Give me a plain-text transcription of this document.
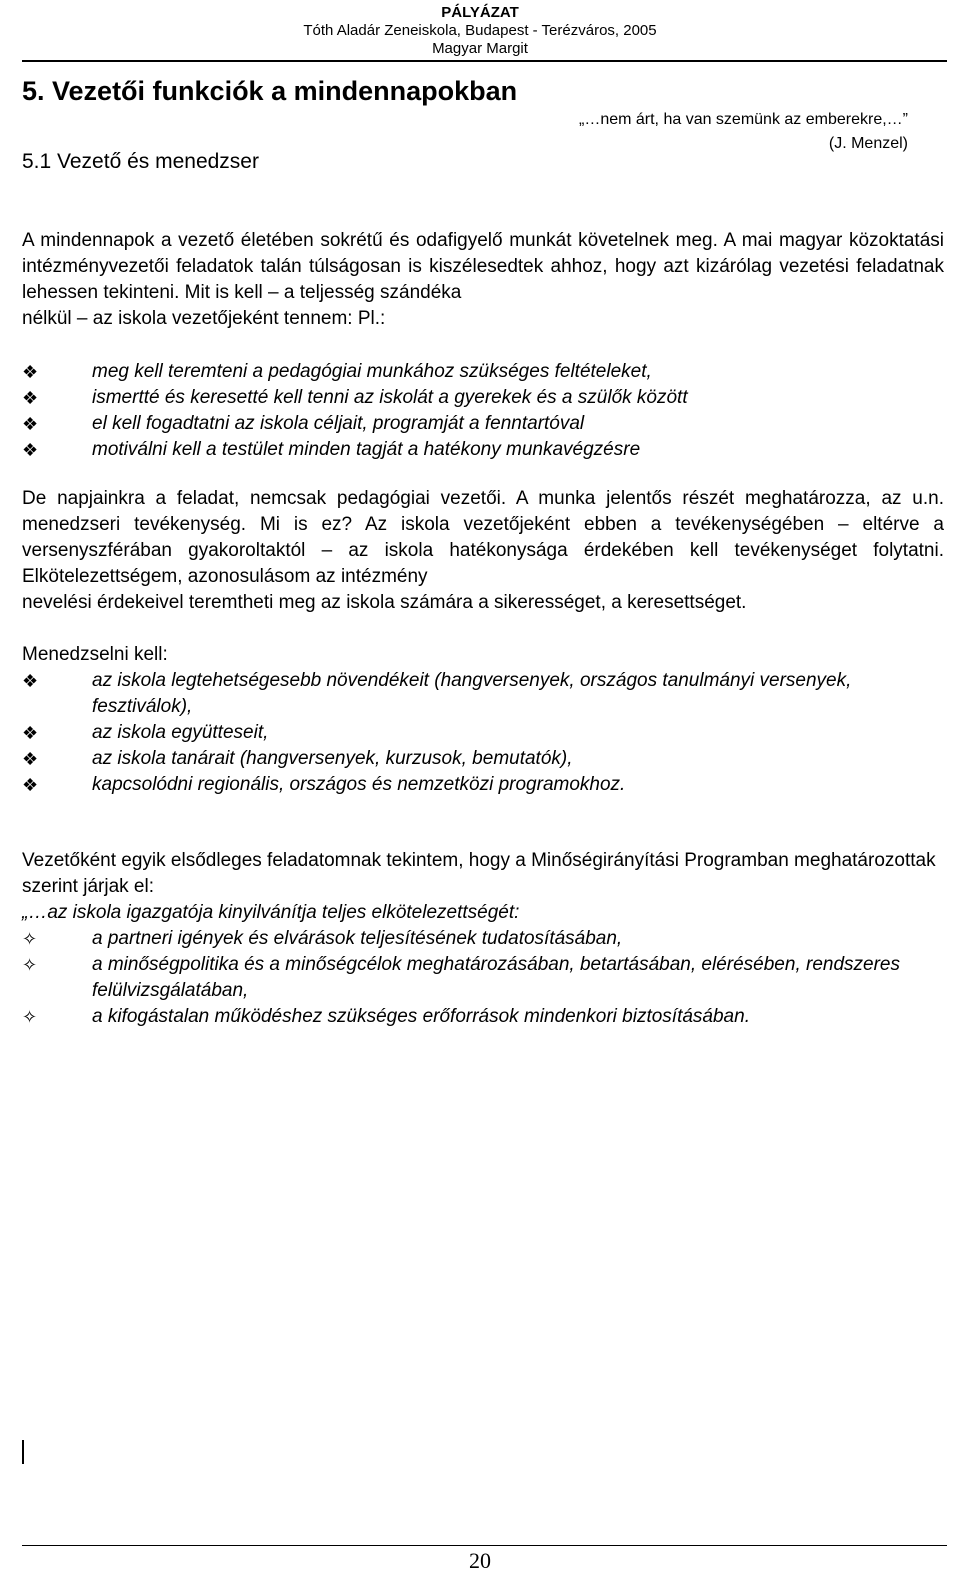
PÁLYÁZAT
Tóth Aladár Zeneiskola, Budapest - Terézváros, 2005
Magyar Margit
5. Vezetői funkciók a mindennapokban
„…nem árt, ha van szemünk az emberekre,…”
(J. Menzel)
5.1 Vezető és menedzser
A mindennapok a vezető életében sokrétű és odafigyelő munkát követelnek meg. A mai magyar közoktatási intézményvezetői feladatok talán túlságosan is kiszélesedtek ahhoz, hogy azt kizárólag vezetési feladatnak lehessen tekinteni. Mit is kell – a teljesség szándéka
nélkül – az iskola vezetőjeként tennem: Pl.:
❖	meg kell teremteni a pedagógiai munkához szükséges feltételeket,
❖	ismertté és keresetté kell tenni az iskolát a gyerekek és a szülők között
❖	el kell fogadtatni az iskola céljait, programját a fenntartóval
❖	motiválni kell a testület minden tagját a hatékony munkavégzésre
De napjainkra a feladat, nemcsak pedagógiai vezetői. A munka jelentős részét meghatározza, az u.n. menedzseri tevékenység. Mi is ez? Az iskola vezetőjeként ebben a tevékenységében – eltérve a versenyszférában gyakoroltaktól – az iskola hatékonysága érdekében kell tevékenységet folytatni. Elkötelezettségem, azonosulásom az intézmény
nevelési érdekeivel teremtheti meg az iskola számára a sikerességet, a keresettséget.
Menedzselni kell:
❖	az iskola legtehetségesebb növendékeit (hangversenyek, országos tanulmányi versenyek, fesztiválok),
❖	az iskola együtteseit,
❖	az iskola tanárait (hangversenyek, kurzusok, bemutatók),
❖	kapcsolódni regionális, országos és nemzetközi programokhoz.
Vezetőként egyik elsődleges feladatomnak tekintem, hogy a Minőségirányítási Programban meghatározottak szerint járjak el:
„…az iskola igazgatója kinyilvánítja teljes elkötelezettségét:
✧	a partneri igények és elvárások teljesítésének tudatosításában,
✧	a minőségpolitika és a minőségcélok meghatározásában, betartásában, elérésében, rendszeres felülvizsgálatában,
✧	a kifogástalan működéshez szükséges erőforrások mindenkori biztosításában.
20
